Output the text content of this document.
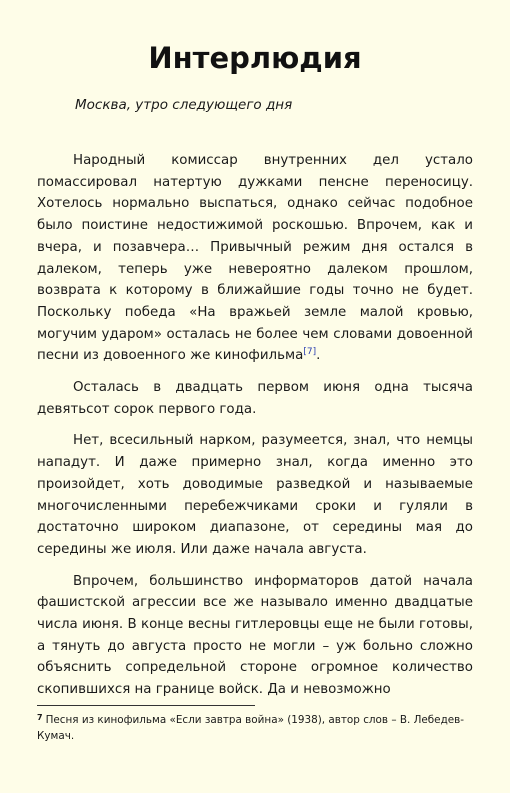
Интерлюдия
Москва, утро следующего дня

Народный комиссар внутренних дел устало помассировал натертую дужками пенсне переносицу. Хотелось нормально выспаться, однако сейчас подобное было поистине недостижимой роскошью. Впрочем, как и вчера, и позавчера… Привычный режим дня остался в далеком, теперь уже невероятно далеком прошлом, возврата к которому в ближайшие годы точно не будет. Поскольку победа «На вражьей земле малой кровью, могучим ударом» осталась не более чем словами довоенной песни из довоенного же кинофильма[7].

Осталась в двадцать первом июня одна тысяча девятьсот сорок первого года.

Нет, всесильный нарком, разумеется, знал, что немцы нападут. И даже примерно знал, когда именно это произойдет, хоть доводимые разведкой и называемые многочисленными перебежчиками сроки и гуляли в достаточно широком диапазоне, от середины мая до середины же июля. Или даже начала августа.

Впрочем, большинство информаторов датой начала фашистской агрессии все же называло именно двадцатые числа июня. В конце весны гитлеровцы еще не были готовы, а тянуть до августа просто не могли – уж больно сложно объяснить сопредельной стороне огромное количество скопившихся на границе войск. Да и невозможно

$^7$ Песня из кинофильма «Если завтра война» (1938), автор слов – В. Лебедев-Кумач.
